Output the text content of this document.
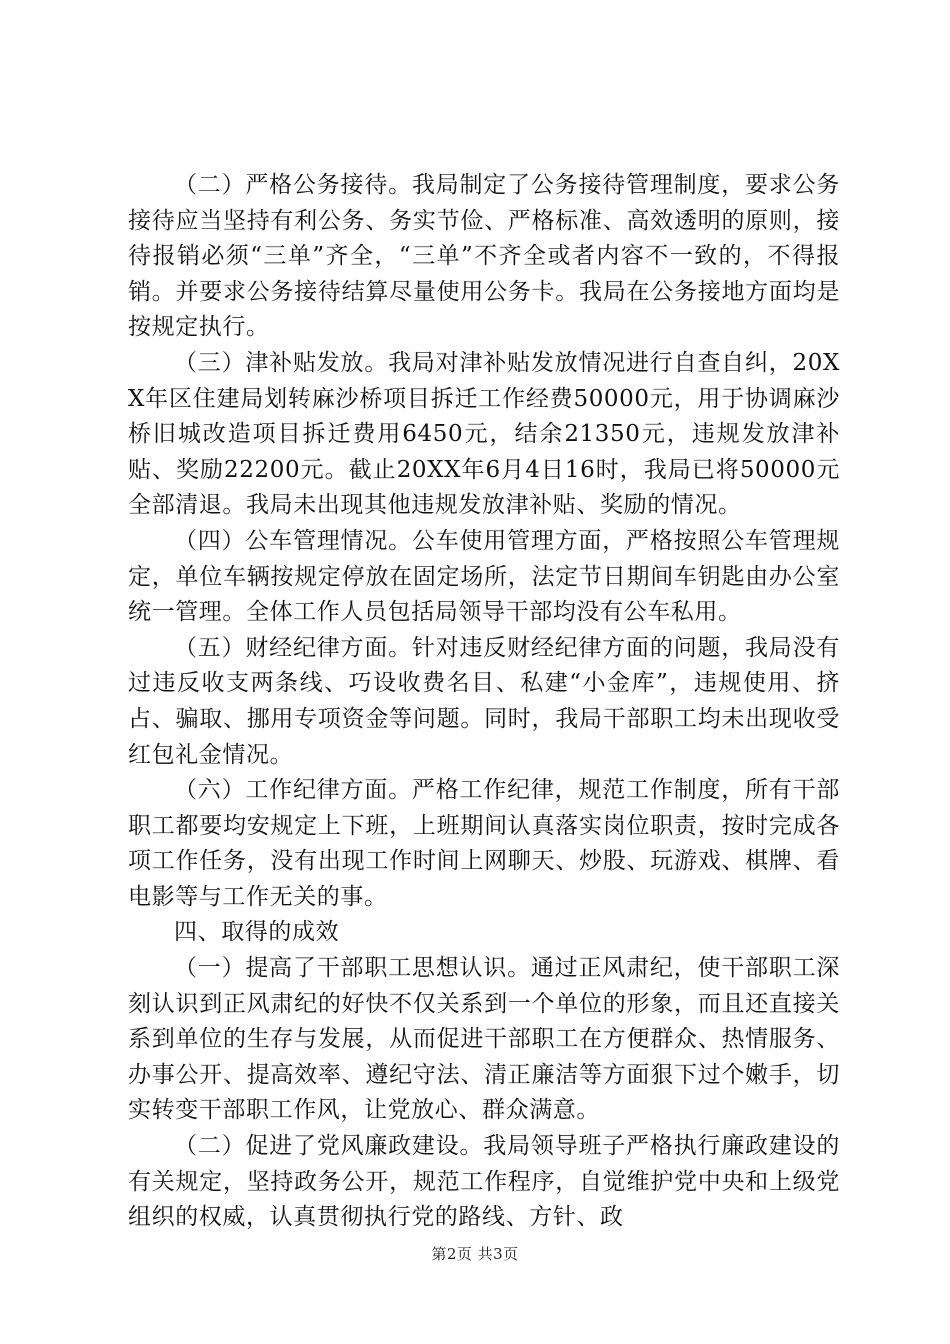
（二）严格公务接待。我局制定了公务接待管理制度，要求公务接待应当坚持有利公务、务实节俭、严格标准、高效透明的原则，接待报销必须“三单”齐全，“三单”不齐全或者内容不一致的，不得报销。并要求公务接待结算尽量使用公务卡。我局在公务接地方面均是按规定执行。

（三）津补贴发放。我局对津补贴发放情况进行自查自纠，20XX年区住建局划转麻沙桥项目拆迁工作经费50000元，用于协调麻沙桥旧城改造项目拆迁费用6450元，结余21350元，违规发放津补贴、奖励22200元。截止20XX年6月4日16时，我局已将50000元全部清退。我局未出现其他违规发放津补贴、奖励的情况。

（四）公车管理情况。公车使用管理方面，严格按照公车管理规定，单位车辆按规定停放在固定场所，法定节日期间车钥匙由办公室统一管理。全体工作人员包括局领导干部均没有公车私用。

（五）财经纪律方面。针对违反财经纪律方面的问题，我局没有过违反收支两条线、巧设收费名目、私建“小金库”，违规使用、挤占、骗取、挪用专项资金等问题。同时，我局干部职工均未出现收受红包礼金情况。

（六）工作纪律方面。严格工作纪律，规范工作制度，所有干部职工都要均安规定上下班，上班期间认真落实岗位职责，按时完成各项工作任务，没有出现工作时间上网聊天、炒股、玩游戏、棋牌、看电影等与工作无关的事。

四、取得的成效

（一）提高了干部职工思想认识。通过正风肃纪，使干部职工深刻认识到正风肃纪的好快不仅关系到一个单位的形象，而且还直接关系到单位的生存与发展，从而促进干部职工在方便群众、热情服务、办事公开、提高效率、遵纪守法、清正廉洁等方面狠下过个嫩手，切实转变干部职工作风，让党放心、群众满意。

（二）促进了党风廉政建设。我局领导班子严格执行廉政建设的有关规定，坚持政务公开，规范工作程序，自觉维护党中央和上级党组织的权威，认真贯彻执行党的路线、方针、政

第2页 共3页
